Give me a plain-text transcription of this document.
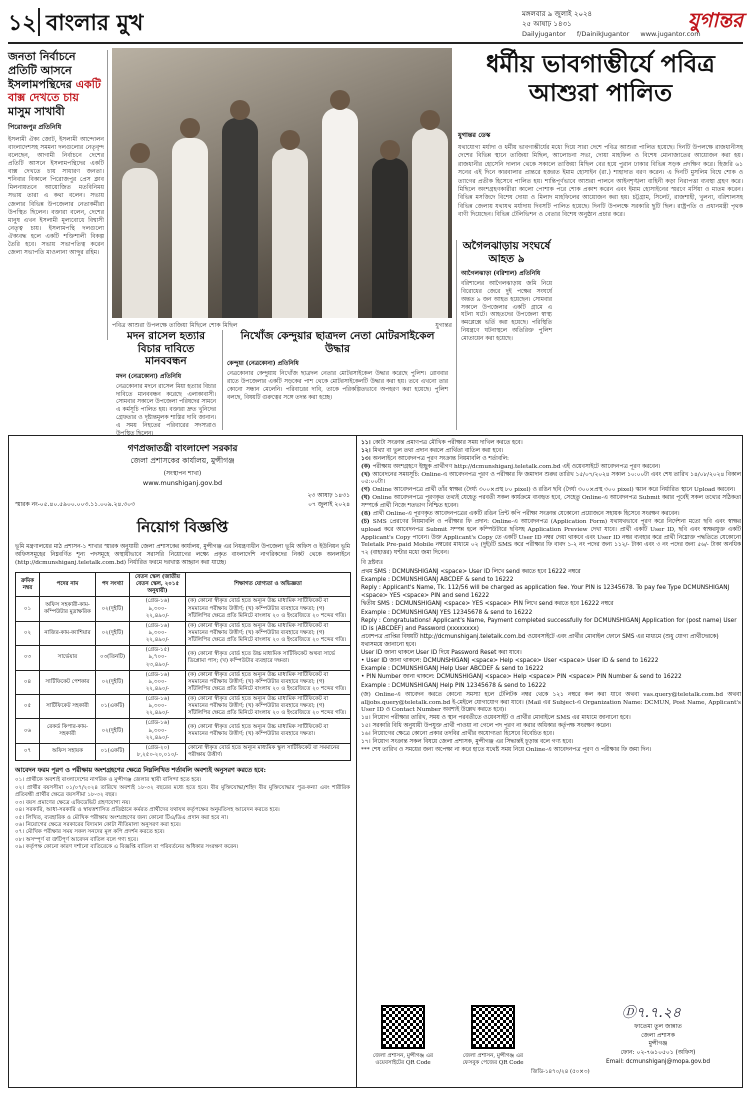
১২ বাংলার মুখ	মঙ্গলবার ৯ জুলাই ২০২৪
২৫ আষাঢ় ১৪৩১	যুগান্তর
Dailyjugantor f/DainikJugantor www.jugantor.com
জনতা নির্বাচনে প্রতিটি আসনে ইসলামপন্থিদের একটি বাক্স দেখতে চায় মাসুম সাখাবী
পিরোজপুর প্রতিনিধি

ইসলামী ঐক্য জোট, ইসলামী আন্দোলন বাংলাদেশসহ সমমনা দলগুলোর নেতৃবৃন্দ বলেছেন, আগামী নির্বাচনে দেশের প্রতিটি আসনে ইসলামপন্থিদের একটি বাক্স দেখতে চায় সাধারণ জনতা। শনিবার বিকালে পিরোজপুর প্রেস ক্লাব মিলনায়তনে আয়োজিত মতবিনিময় সভায় তারা এ কথা বলেন। সভায় জেলার বিভিন্ন উপজেলার নেতাকর্মীরা উপস্থিত ছিলেন। বক্তারা বলেন, দেশের মানুষ এখন ইসলামী মূল্যবোধে বিশ্বাসী নেতৃত্ব চায়। ইসলামপন্থি দলগুলো ঐক্যবদ্ধ হলে একটি শক্তিশালী বিকল্প তৈরি হবে। সভায় সভাপতিত্ব করেন জেলা সভাপতি মাওলানা আব্দুর রহিম।

পবিত্র আশুরা উপলক্ষে তাজিয়া মিছিলে শোক মিছিল	যুগান্তর
ধর্মীয় ভাবগাম্ভীর্যে পবিত্র আশুরা পালিত
যুগান্তর ডেস্ক

যথাযোগ্য মর্যাদা ও ধর্মীয় ভাবগাম্ভীর্যের মধ্যে দিয়ে সারা দেশে পবিত্র আশুরা পালিত হয়েছে। দিনটি উপলক্ষে রাজধানীসহ দেশের বিভিন্ন স্থানে তাজিয়া মিছিল, আলোচনা সভা, দোয়া মাহফিল ও বিশেষ মোনাজাতের আয়োজন করা হয়। রাজধানীর হোসেনি দালান থেকে সকালে তাজিয়া মিছিল বের হয়ে পুরান ঢাকার বিভিন্ন সড়ক প্রদক্ষিণ করে। হিজরি ৬১ সনের এই দিনে কারবালার প্রান্তরে হজরত ইমাম হোসাইন (রা.) শাহাদাত বরণ করেন। এ দিনটি মুসলিম বিশ্বে শোক ও ত্যাগের প্রতীক হিসেবে পালিত হয়। শান্তিপূর্ণভাবে আশুরা পালনে আইনশৃঙ্খলা বাহিনী কড়া নিরাপত্তা ব্যবস্থা গ্রহণ করে। মিছিলে অংশগ্রহণকারীরা কালো পোশাক পরে শোক প্রকাশ করেন এবং ইমাম হোসাইনের স্মরণে মর্সিয়া ও মাতম করেন। বিভিন্ন মসজিদে বিশেষ দোয়া ও মিলাদ মাহফিলের আয়োজন করা হয়। চট্টগ্রাম, সিলেট, রাজশাহী, খুলনা, বরিশালসহ বিভিন্ন জেলায় যথাযথ মর্যাদায় দিবসটি পালিত হয়েছে। দিনটি উপলক্ষে সরকারি ছুটি ছিল। রাষ্ট্রপতি ও প্রধানমন্ত্রী পৃথক বাণী দিয়েছেন। বিভিন্ন টেলিভিশন ও বেতার বিশেষ অনুষ্ঠান প্রচার করে।

মদন রাসেল হত্যার বিচার দাবিতে মানববন্ধন
মদন (নেত্রকোনা) প্রতিনিধি

নেত্রকোনার মদনে রাসেল মিয়া হত্যার বিচার দাবিতে মানববন্ধন করেছে এলাকাবাসী। সোমবার সকালে উপজেলা পরিষদের সামনে এ কর্মসূচি পালিত হয়। বক্তারা দ্রুত খুনিদের গ্রেফতার ও দৃষ্টান্তমূলক শাস্তির দাবি জানান। এ সময় নিহতের পরিবারের সদস্যরাও উপস্থিত ছিলেন।

নিখোঁজ কেন্দুয়ার ছাত্রদল নেতা মোটরসাইকেল উদ্ধার
কেন্দুয়া (নেত্রকোনা) প্রতিনিধি

নেত্রকোনার কেন্দুয়ায় নিখোঁজ ছাত্রদল নেতার মোটরসাইকেল উদ্ধার করেছে পুলিশ। রোববার রাতে উপজেলার একটি সড়কের পাশ থেকে মোটরসাইকেলটি উদ্ধার করা হয়। তবে এখনো তার কোনো সন্ধান মেলেনি। পরিবারের দাবি, তাকে পরিকল্পিতভাবে অপহরণ করা হয়েছে। পুলিশ বলছে, বিষয়টি গুরুত্বের সঙ্গে তদন্ত করা হচ্ছে।

অগৈলঝাড়ায় সংঘর্ষে আহত ৯
আগৈলঝাড়া (বরিশাল) প্রতিনিধি

বরিশালের আগৈলঝাড়ায় জমি নিয়ে বিরোধের জেরে দুই পক্ষের সংঘর্ষে অন্তত ৯ জন আহত হয়েছেন। সোমবার সকালে উপজেলার একটি গ্রামে এ ঘটনা ঘটে। আহতদের উপজেলা স্বাস্থ্য কমপ্লেক্সে ভর্তি করা হয়েছে। পরিস্থিতি নিয়ন্ত্রণে ঘটনাস্থলে অতিরিক্ত পুলিশ মোতায়েন করা হয়েছে।

গণপ্রজাতন্ত্রী বাংলাদেশ সরকার
জেলা প্রশাসকের কার্যালয়, মুন্সীগঞ্জ
(সংস্থাপন শাখা)
www.munshiganj.gov.bd
স্মারক নং-০৫.৪০.৫৯০০.০০৩.১১.০০৯.২৪.৩০৩
২৩ আষাঢ় ১৪৩১
০৭ জুলাই ২০২৪
নিয়োগ বিজ্ঞপ্তি
ভূমি মন্ত্রণালয়ের মাঠ প্রশাসন-১ শাখার স্মারক অনুযায়ী জেলা প্রশাসকের কার্যালয়, মুন্সীগঞ্জ এর নিয়ন্ত্রণাধীন উপজেলা ভূমি অফিস ও ইউনিয়ন ভূমি অফিসসমূহের নিম্নবর্ণিত শূন্য পদসমূহে অস্থায়ীভাবে সরাসরি নিয়োগের লক্ষ্যে প্রকৃত বাংলাদেশি নাগরিকদের নিকট থেকে অনলাইনে (http://dcmunshiganj.teletalk.com.bd) নির্ধারিত ফরমে দরখাস্ত আহ্বান করা যাচ্ছে।
ক্রমিক নম্বর	পদের নাম	পদ সংখ্যা	বেতন স্কেল (জাতীয় বেতন স্কেল, ২০১৫ অনুযায়ী)	শিক্ষাগত যোগ্যতা ও অভিজ্ঞতা
০১	অফিস সহকারী-কাম-কম্পিউটার মুদ্রাক্ষরিক	০২(দুইটি)	(গ্রেড-১৬)
৯,৩০০-
২২,৪৯০/-	(ক) কোনো স্বীকৃত বোর্ড হতে অন্যূন উচ্চ মাধ্যমিক সার্টিফিকেট বা সমমানের পরীক্ষায় উত্তীর্ণ; (খ) কম্পিউটার ব্যবহারে দক্ষতা; (গ) সাঁটলিপির ক্ষেত্রে প্রতি মিনিটে বাংলায় ২০ ও ইংরেজিতে ২০ শব্দের গতি।
০২	নাজির-কাম-ক্যাশিয়ার	০২(দুইটি)	(গ্রেড-১৬)
৯,৩০০-
২২,৪৯০/-	(ক) কোনো স্বীকৃত বোর্ড হতে অন্যূন উচ্চ মাধ্যমিক সার্টিফিকেট বা সমমানের পরীক্ষায় উত্তীর্ণ; (খ) কম্পিউটার ব্যবহারে দক্ষতা; (গ) সাঁটলিপির ক্ষেত্রে প্রতি মিনিটে বাংলায় ২০ ও ইংরেজিতে ২০ শব্দের গতি।
০৩	সার্ভেয়ার	০৩(তিনটি)	(গ্রেড-১৫)
৯,৭০০-
২৩,৪৯০/-	(ক) কোনো স্বীকৃত বোর্ড হতে উচ্চ মাধ্যমিক সার্টিফিকেট অথবা সার্ভে ডিপ্লোমা পাস; (খ) কম্পিউটার ব্যবহারে দক্ষতা।
০৪	সার্টিফিকেট পেশকার	০২(দুইটি)	(গ্রেড-১৬)
৯,৩০০-
২২,৪৯০/-	(ক) কোনো স্বীকৃত বোর্ড হতে অন্যূন উচ্চ মাধ্যমিক সার্টিফিকেট বা সমমানের পরীক্ষায় উত্তীর্ণ; (খ) কম্পিউটার ব্যবহারে দক্ষতা; (গ) সাঁটলিপির ক্ষেত্রে প্রতি মিনিটে বাংলায় ২০ ও ইংরেজিতে ২০ শব্দের গতি।
০৫	সার্টিফিকেট সহকারী	০১(একটি)	(গ্রেড-১৬)
৯,৩০০-
২২,৪৯০/-	(ক) কোনো স্বীকৃত বোর্ড হতে অন্যূন উচ্চ মাধ্যমিক সার্টিফিকেট বা সমমানের পরীক্ষায় উত্তীর্ণ; (খ) কম্পিউটার ব্যবহারে দক্ষতা; (গ) সাঁটলিপির ক্ষেত্রে প্রতি মিনিটে বাংলায় ২০ ও ইংরেজিতে ২০ শব্দের গতি।
০৬	রেকর্ড কিপার-কাম-সহকারী	০২(দুইটি)	(গ্রেড-১৬)
৯,৩০০-
২২,৪৯০/-	(ক) কোনো স্বীকৃত বোর্ড হতে অন্যূন উচ্চ মাধ্যমিক সার্টিফিকেট বা সমমানের পরীক্ষায় উত্তীর্ণ; (খ) কম্পিউটার ব্যবহারে দক্ষতা।
০৭	অফিস সহায়ক	০১(একটি)	(গ্রেড-২০)
৮,২৫০-২০,০১০/-	কোনো স্বীকৃত বোর্ড হতে অন্যূন মাধ্যমিক স্কুল সার্টিফিকেট বা সমমানের পরীক্ষায় উত্তীর্ণ।
আবেদন ফরম পূরণ ও পরীক্ষায় অংশগ্রহণের ক্ষেত্রে নিম্নলিখিত শর্তাবলি অবশ্যই অনুসরণ করতে হবে:
০১। প্রার্থীকে অবশ্যই বাংলাদেশের নাগরিক ও মুন্সীগঞ্জ জেলার স্থায়ী বাসিন্দা হতে হবে।
০২। প্রার্থীর বয়সসীমা ০১/০৭/২০২৪ তারিখে অবশ্যই ১৮-৩২ বছরের মধ্যে হতে হবে। বীর মুক্তিযোদ্ধা/শহিদ বীর মুক্তিযোদ্ধার পুত্র-কন্যা এবং শারীরিক প্রতিবন্ধী প্রার্থীর ক্ষেত্রে বয়সসীমা ১৮-৩২ বছর।
০৩। বয়স প্রমাণের ক্ষেত্রে এফিডেভিট গ্রহণযোগ্য নয়।
০৪। সরকারি, আধা-সরকারি ও স্বায়ত্তশাসিত প্রতিষ্ঠানে কর্মরত প্রার্থীদের যথাযথ কর্তৃপক্ষের অনুমতিসহ আবেদন করতে হবে।
০৫। লিখিত, ব্যবহারিক ও মৌখিক পরীক্ষায় অংশগ্রহণের জন্য কোনো টিএ/ডিএ প্রদান করা হবে না।
০৬। নিয়োগের ক্ষেত্রে সরকারের বিদ্যমান কোটা নীতিমালা অনুসরণ করা হবে।
০৭। মৌখিক পরীক্ষার সময় সকল সনদের মূল কপি প্রদর্শন করতে হবে।
০৮। অসম্পূর্ণ বা ত্রুটিপূর্ণ আবেদন বাতিল বলে গণ্য হবে।
০৯। কর্তৃপক্ষ কোনো কারণ দর্শানো ব্যতিরেকে এ বিজ্ঞপ্তি বাতিল বা পরিবর্তনের অধিকার সংরক্ষণ করেন।
১১। কোটা সংক্রান্ত প্রমাণপত্র মৌখিক পরীক্ষার সময় দাখিল করতে হবে।
১২। মিথ্যা বা ভুল তথ্য প্রদান করলে প্রার্থিতা বাতিল করা হবে।
১৩। অনলাইনে আবেদনপত্র পূরণ সংক্রান্ত নিয়মাবলি ও শর্তাবলি:
(ক) পরীক্ষায় অংশগ্রহণে ইচ্ছুক প্রার্থীগণ http://dcmunshiganj.teletalk.com.bd এই ওয়েবসাইটে আবেদনপত্র পূরণ করবেন।
(খ) আবেদনের সময়সূচি: Online-এ আবেদনপত্র পূরণ ও পরীক্ষার ফি জমাদান শুরুর তারিখ ১৫/০৭/২০২৪ সকাল ১০:০০টা এবং শেষ তারিখ ১৪/০৮/২০২৪ বিকাল ০৫:০০টা।
(গ) Online আবেদনপত্রে প্রার্থী তাঁর স্বাক্ষর (দৈর্ঘ্য ৩০০×প্রস্থ ৮০ pixel) ও রঙিন ছবি (দৈর্ঘ্য ৩০০×প্রস্থ ৩০০ pixel) স্ক্যান করে নির্ধারিত স্থানে Upload করবেন।
(ঘ) Online আবেদনপত্রে পূরণকৃত তথ্যই যেহেতু পরবর্তী সকল কার্যক্রমে ব্যবহৃত হবে, সেহেতু Online-এ আবেদনপত্র Submit করার পূর্বেই সকল তথ্যের সঠিকতা সম্পর্কে প্রার্থী নিজে শতভাগ নিশ্চিত হবেন।
(ঙ) প্রার্থী Online-এ পূরণকৃত আবেদনপত্রের একটি রঙিন প্রিন্ট কপি পরীক্ষা সংক্রান্ত যেকোনো প্রয়োজনে সহায়ক হিসেবে সংরক্ষণ করবেন।
(চ) SMS প্রেরণের নিয়মাবলি ও পরীক্ষার ফি প্রদান: Online-এ আবেদনপত্র (Application Form) যথাযথভাবে পূরণ করে নির্দেশনা মতো ছবি এবং স্বাক্ষর upload করে আবেদনপত্র Submit সম্পন্ন হলে কম্পিউটারে ছবিসহ Application Preview দেখা যাবে। প্রার্থী একটি User ID, ছবি এবং স্বাক্ষরযুক্ত একটি Applicant's Copy পাবেন। উক্ত Applicant's Copy তে একটি User ID নম্বর দেয়া থাকবে এবং User ID নম্বর ব্যবহার করে প্রার্থী নিম্নোক্ত পদ্ধতিতে যেকোনো Teletalk Pre-paid Mobile নম্বরের মাধ্যমে ০২ (দুই)টি SMS করে পরীক্ষার ফি বাবদ ১-২ নং পদের জন্য ১১২/- টাকা এবং ৩ নং পদের জন্য ৫৬/- টাকা অনধিক ৭২ (বাহাত্তর) ঘণ্টার মধ্যে জমা দিবেন।
বি দ্রষ্টব্যঃ
প্রথম SMS : DCMUNSHIGANJ <space> User ID লিখে send করতে হবে 16222 নম্বরে
Example : DCMUNSHIGANJ ABCDEF & send to 16222
Reply : Applicant's Name, Tk. 112/56 will be charged as application fee. Your PIN is 12345678. To pay fee Type DCMUNSHIGANJ <space> YES <space> PIN and send 16222
দ্বিতীয় SMS : DCMUNSHIGANJ <space> YES <space> PIN লিখে send করতে হবে 16222 নম্বরে
Example : DCMUNSHIGANJ YES 12345678 & send to 16222
Reply : Congratulations! Applicant's Name, Payment completed successfully for DCMUNSHIGANJ Application for (post name) User ID is (ABCDEF) and Password (xxxxxxxx)
প্রবেশপত্র প্রাপ্তির বিষয়টি http://dcmunshiganj.teletalk.com.bd ওয়েবসাইটে এবং প্রার্থীর মোবাইল ফোনে SMS এর মাধ্যমে (শুধু যোগ্য প্রার্থীদেরকে) যথাসময়ে জানানো হবে।
User ID জানা থাকলে User ID দিয়ে Password Reset করা যাবে।
• User ID জানা থাকলে: DCMUNSHIGANJ <space> Help <space> User <space> User ID & send to 16222
Example : DCMUNSHIGANJ Help User ABCDEF & send to 16222
• PIN Number জানা থাকলে: DCMUNSHIGANJ <space> Help <space> PIN <space> PIN Number & send to 16222
Example : DCMUNSHIGANJ Help PIN 12345678 & send to 16222
(জ) Online-এ আবেদন করতে কোনো সমস্যা হলে টেলিটক নম্বর থেকে ১২১ নম্বরে কল করা যাবে অথবা vas.query@teletalk.com.bd অথবা alljobs.query@teletalk.com.bd ই-মেইলে যোগাযোগ করা যাবে। (Mail এর Subject-এ Organization Name: DCMUN, Post Name, Applicant's User ID ও Contact Number অবশ্যই উল্লেখ করতে হবে)।
১৪। নিয়োগ পরীক্ষার তারিখ, সময় ও স্থান পরবর্তীতে ওয়েবসাইট ও প্রার্থীর মোবাইলে SMS এর মাধ্যমে জানানো হবে।
১৫। সরকারি বিধি অনুযায়ী উপযুক্ত প্রার্থী পাওয়া না গেলে পদ পূরণ না করার অধিকার কর্তৃপক্ষ সংরক্ষণ করেন।
১৬। নিয়োগের ক্ষেত্রে কোনো প্রকার তদবির প্রার্থীর অযোগ্যতা হিসেবে বিবেচিত হবে।
১৭। নিয়োগ সংক্রান্ত সকল বিষয়ে জেলা প্রশাসক, মুন্সীগঞ্জ এর সিদ্ধান্তই চূড়ান্ত বলে গণ্য হবে।
*** শেষ তারিখ ও সময়ের জন্য অপেক্ষা না করে হাতে যথেষ্ট সময় নিয়ে Online-এ আবেদনপত্র পূরণ ও পরীক্ষার ফি জমা দিন।
জেলা প্রশাসন, মুন্সীগঞ্জ এর ওয়েবসাইটের QR Code
জেলা প্রশাসন, মুন্সীগঞ্জ এর ফেসবুক পেজের QR Code
Ⓓ৭.৭.২৪
ফাতেমা তুল জান্নাত
জেলা প্রশাসক
মুন্সীগঞ্জ
ফোন: ০২-৭৬১০৫০১ (অফিস)
Email: dcmunshiganj@mopa.gov.bd
জিডি-১৪৭০/২৪ (৫০×৩)
